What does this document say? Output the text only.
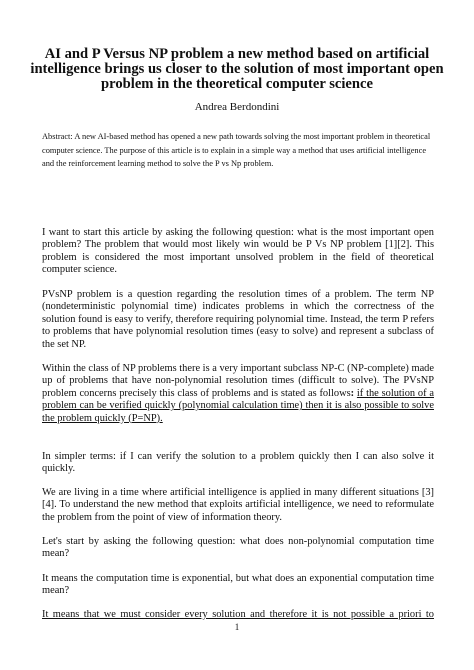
AI and P Versus NP problem a new method based on artificial intelligence brings us closer to the solution of most important open problem in the theoretical computer science
Andrea Berdondini

Abstract: A new AI-based method has opened a new path towards solving the most important problem in theoretical computer science. The purpose of this article is to explain in a simple way a method that uses artificial intelligence and the reinforcement learning method to solve the P vs Np problem.

I want to start this article by asking the following question: what is the most important open problem? The problem that would most likely win would be P Vs NP problem [1][2]. This problem is considered the most important unsolved problem in the field of theoretical computer science.

PVsNP problem is a question regarding the resolution times of a problem. The term NP (nondeterministic polynomial time) indicates problems in which the correctness of the solution found is easy to verify, therefore requiring polynomial time. Instead, the term P refers to problems that have polynomial resolution times (easy to solve) and represent a subclass of the set NP.

Within the class of NP problems there is a very important subclass NP-C (NP-complete) made up of problems that have non-polynomial resolution times (difficult to solve). The PVsNP problem concerns precisely this class of problems and is stated as follows: if the solution of a problem can be verified quickly (polynomial calculation time) then it is also possible to solve the problem quickly (P=NP).

In simpler terms: if I can verify the solution to a problem quickly then I can also solve it quickly.

We are living in a time where artificial intelligence is applied in many different situations [3][4]. To understand the new method that exploits artificial intelligence, we need to reformulate the problem from the point of view of information theory.

Let's start by asking the following question: what does non-polynomial computation time mean?

It means the computation time is exponential, but what does an exponential computation time mean?

It means that we must consider every solution and therefore it is not possible a priori to

1
